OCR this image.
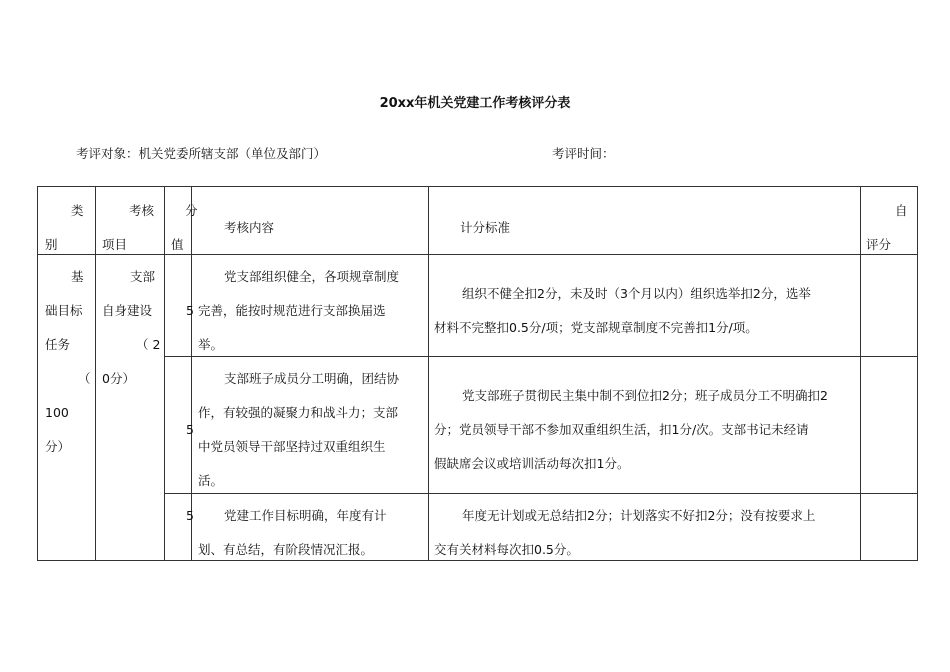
20xx年机关党建工作考核评分表
考评对象：机关党委所辖支部（单位及部门）	考评时间：
类
别
考核
项目
分
值
考核内容	计分标准
自
评分
基
础目标
任务
（
100
分）
支部
自身建设
（ 2
0分）
5
党支部组织健全，各项规章制度
完善，能按时规范进行支部换届选
举。
组织不健全扣2分，未及时（3个月以内）组织选举扣2分，选举
材料不完整扣0.5分/项；党支部规章制度不完善扣1分/项。
5
支部班子成员分工明确，团结协
作，有较强的凝聚力和战斗力；支部
中党员领导干部坚持过双重组织生
活。
党支部班子贯彻民主集中制不到位扣2分；班子成员分工不明确扣2
分；党员领导干部不参加双重组织生活，扣1分/次。支部书记未经请
假缺席会议或培训活动每次扣1分。
5 党建工作目标明确，年度有计
划、有总结，有阶段情况汇报。
年度无计划或无总结扣2分；计划落实不好扣2分；没有按要求上
交有关材料每次扣0.5分。
